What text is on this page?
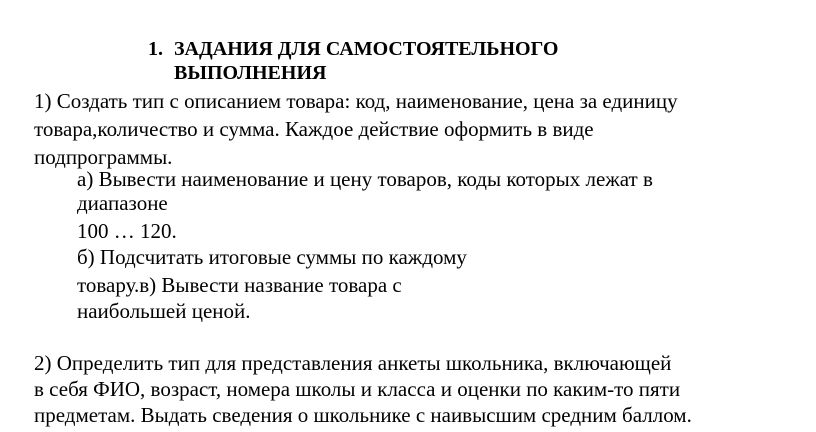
1. ЗАДАНИЯ ДЛЯ САМОСТОЯТЕЛЬНОГО
ВЫПОЛНЕНИЯ
1) Создать тип с описанием товара: код, наименование, цена за единицу
товара,количество и сумма. Каждое действие оформить в виде
подпрограммы.
а) Вывести наименование и цену товаров, коды которых лежат в
диапазоне
100 … 120.
б) Подсчитать итоговые суммы по каждому
товару.в) Вывести название товара с
наибольшей ценой.
2) Определить тип для представления анкеты школьника, включающей
в себя ФИО, возраст, номера школы и класса и оценки по каким-то пяти
предметам. Выдать сведения о школьнике с наивысшим средним баллом.
